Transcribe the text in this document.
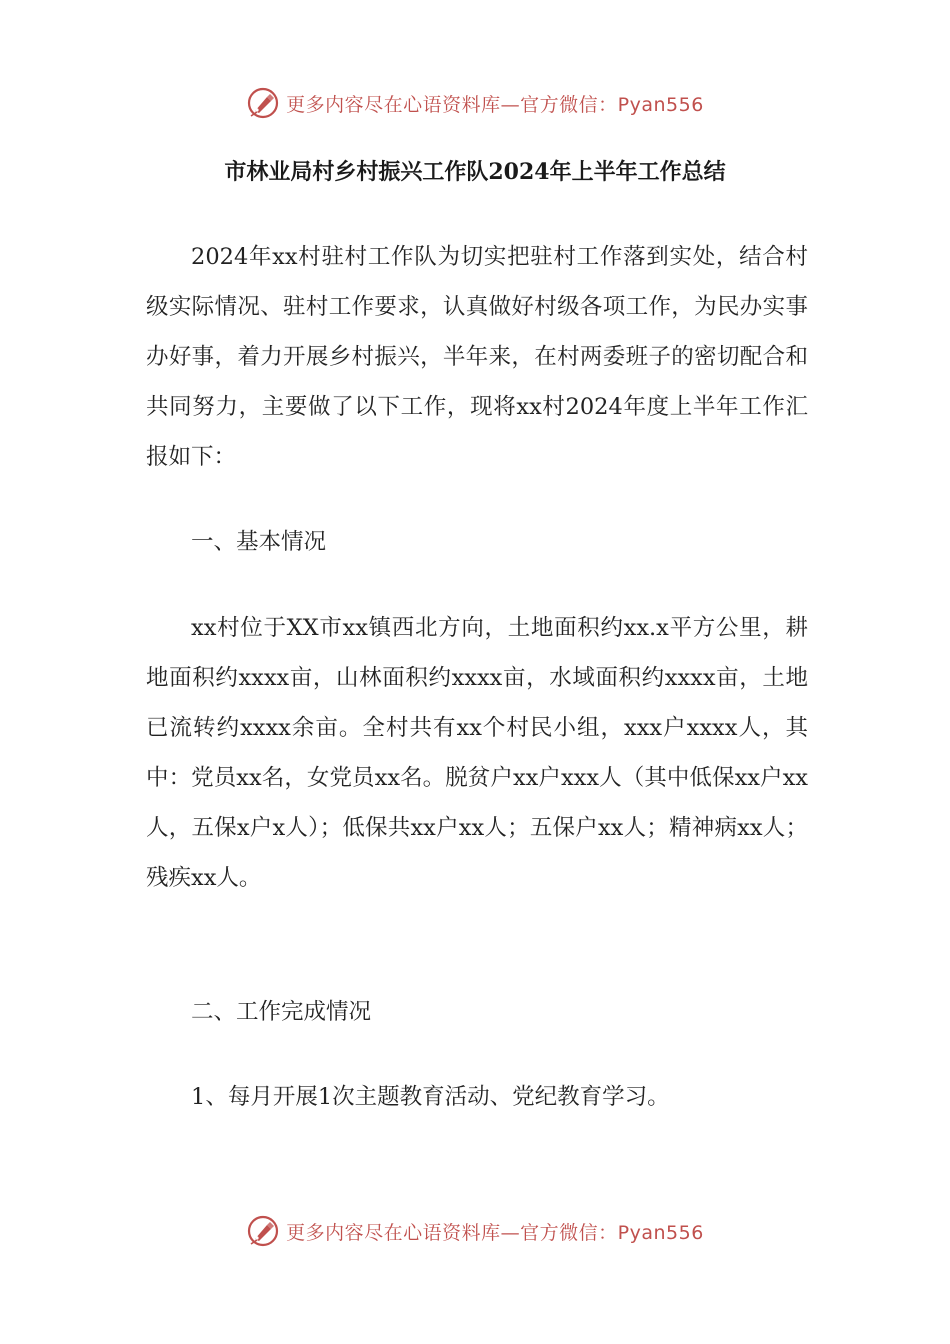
更多内容尽在心语资料库—官方微信：Pyan556
市林业局村乡村振兴工作队2024年上半年工作总结

2024年xx村驻村工作队为切实把驻村工作落到实处，结合村级实际情况、驻村工作要求，认真做好村级各项工作，为民办实事办好事，着力开展乡村振兴，半年来，在村两委班子的密切配合和共同努力，主要做了以下工作，现将xx村2024年度上半年工作汇报如下：

一、基本情况

xx村位于XX市xx镇西北方向，土地面积约xx.x平方公里，耕地面积约xxxx亩，山林面积约xxxx亩，水域面积约xxxx亩，土地已流转约xxxx余亩。全村共有xx个村民小组，xxx户xxxx人，其中：党员xx名，女党员xx名。脱贫户xx户xxx人（其中低保xx户xx人，五保x户x人）；低保共xx户xx人；五保户xx人；精神病xx人；残疾xx人。

二、工作完成情况

1、每月开展1次主题教育活动、党纪教育学习。

更多内容尽在心语资料库—官方微信：Pyan556
